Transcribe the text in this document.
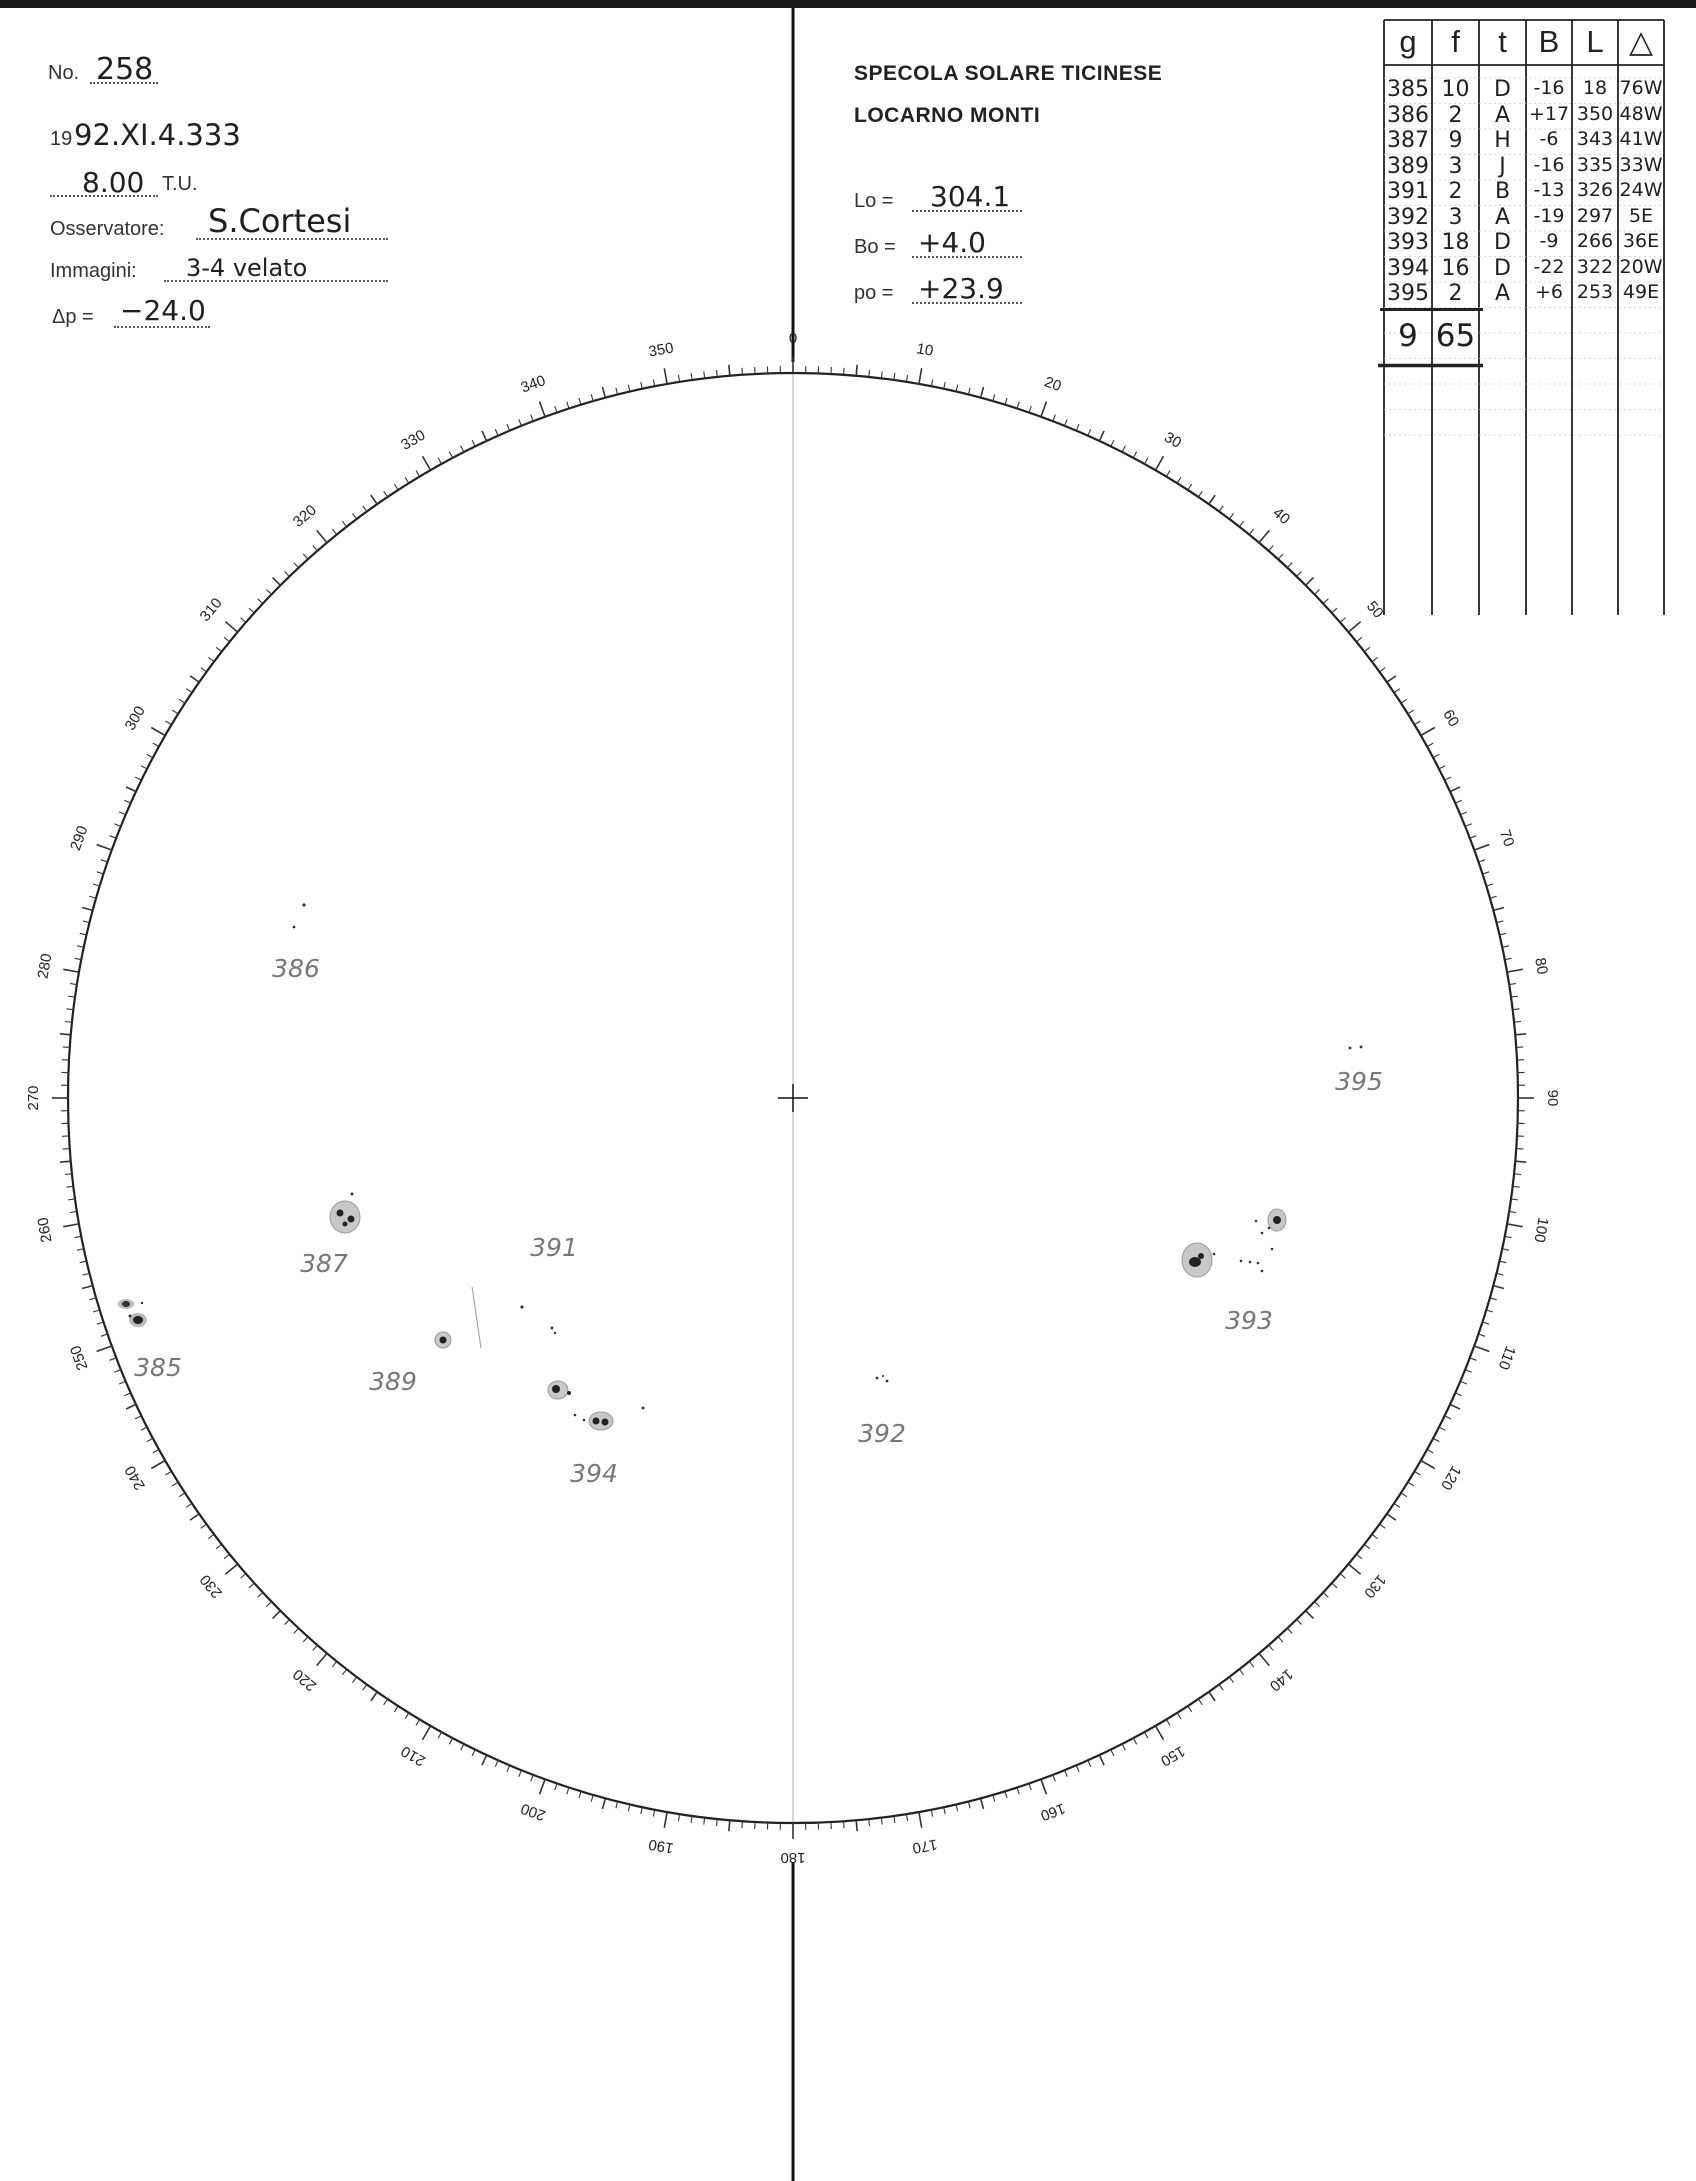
No. 258
19 92.XI.4.333
8.00 T.U.
Osservatore: S.Cortesi
Immagini: 3-4 velato
Δp = −24.0
SPECOLA SOLARE TICINESE
LOCARNO MONTI
Lo = 304.1
Bo = +4.0
po = +23.9
0
10
20
30
40
50
60
70
80
90
100
110
120
130
140
150
160
170
180
190
200
210
220
230
240
250
260
270
280
290
300
310
320
330
340
350
385
386
387
389
391
392
393
394
395
g	f	t	B L △
385 10	D	-16 18 76W
386 2	A +17 350 48W
387 9	H	-6 343 41W
389 3	J	-16 335 33W
391 2	B	-13 326 24W
392 3	A	-19 297 5E
393 18	D	-9 266 36E
394 16	D	-22 322 20W
395 2	A	+6 253 49E
9 65
